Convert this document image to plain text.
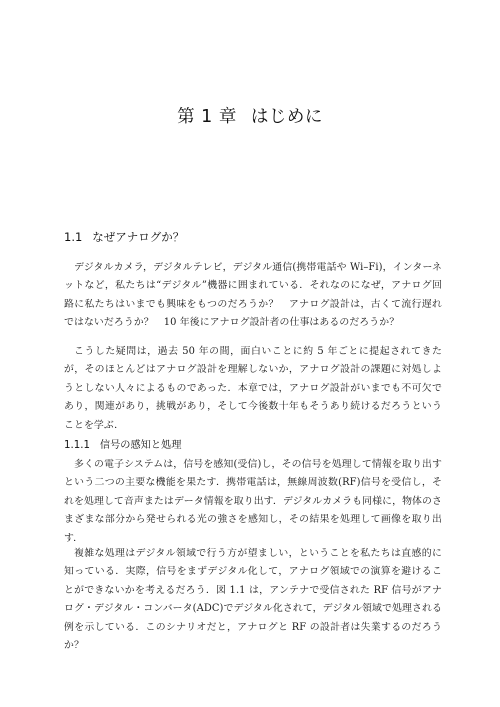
第 1 章 はじめに
1.1 なぜアナログか？

デジタルカメラ，デジタルテレビ，デジタル通信(携帯電話や Wi–Fi)，インターネットなど，私たちは“デジタル”機器に囲まれている．それなのになぜ，アナログ回路に私たちはいまでも興味をもつのだろうか？　アナログ設計は，古くて流行遅れではないだろうか？　10 年後にアナログ設計者の仕事はあるのだろうか？

こうした疑問は，過去 50 年の間，面白いことに約 5 年ごとに提起されてきたが，そのほとんどはアナログ設計を理解しないか，アナログ設計の課題に対処しようとしない人々によるものであった．本章では，アナログ設計がいまでも不可欠であり，関連があり，挑戦があり，そして今後数十年もそうあり続けるだろうということを学ぶ．

1.1.1 信号の感知と処理

多くの電子システムは，信号を感知(受信)し，その信号を処理して情報を取り出すという二つの主要な機能を果たす．携帯電話は，無線周波数(RF)信号を受信し，それを処理して音声またはデータ情報を取り出す．デジタルカメラも同様に，物体のさまざまな部分から発せられる光の強さを感知し，その結果を処理して画像を取り出す．

複雑な処理はデジタル領域で行う方が望ましい，ということを私たちは直感的に知っている．実際，信号をまずデジタル化して，アナログ領域での演算を避けることができないかを考えるだろう．図 1.1 は，アンテナで受信された RF 信号がアナログ・デジタル・コンバータ(ADC)でデジタル化されて，デジタル領域で処理される例を示している．このシナリオだと，アナログと RF の設計者は失業するのだろうか？
